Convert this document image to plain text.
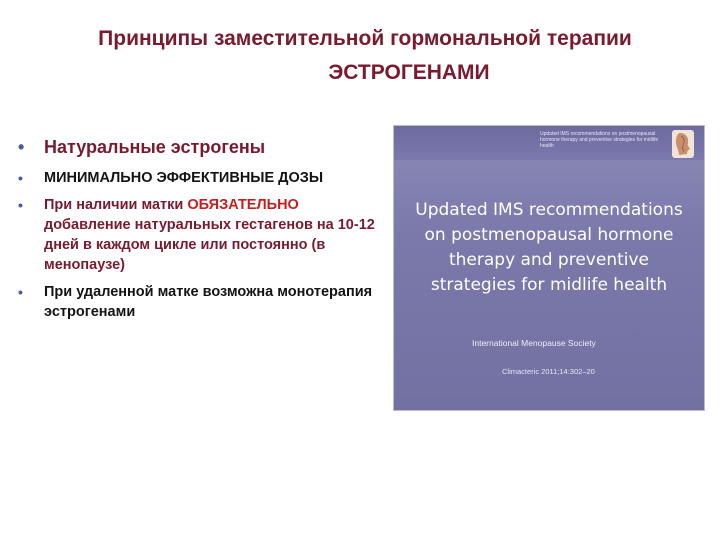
Принципы заместительной гормональной терапии
ЭСТРОГЕНАМИ
• Натуральные эстрогены
• МИНИМАЛЬНО ЭФФЕКТИВНЫЕ ДОЗЫ
• При наличии матки ОБЯЗАТЕЛЬНО добавление натуральных гестагенов на 10-12 дней в каждом цикле или постоянно (в менопаузе)
• При удаленной матке возможна монотерапия эстрогенами
Updated IMS recommendations on postmenopausal hormone therapy and preventive strategies for midlife health
Updated IMS recommendations on postmenopausal hormone therapy and preventive strategies for midlife health
International Menopause Society
Climacteric 2011;14:302–20
